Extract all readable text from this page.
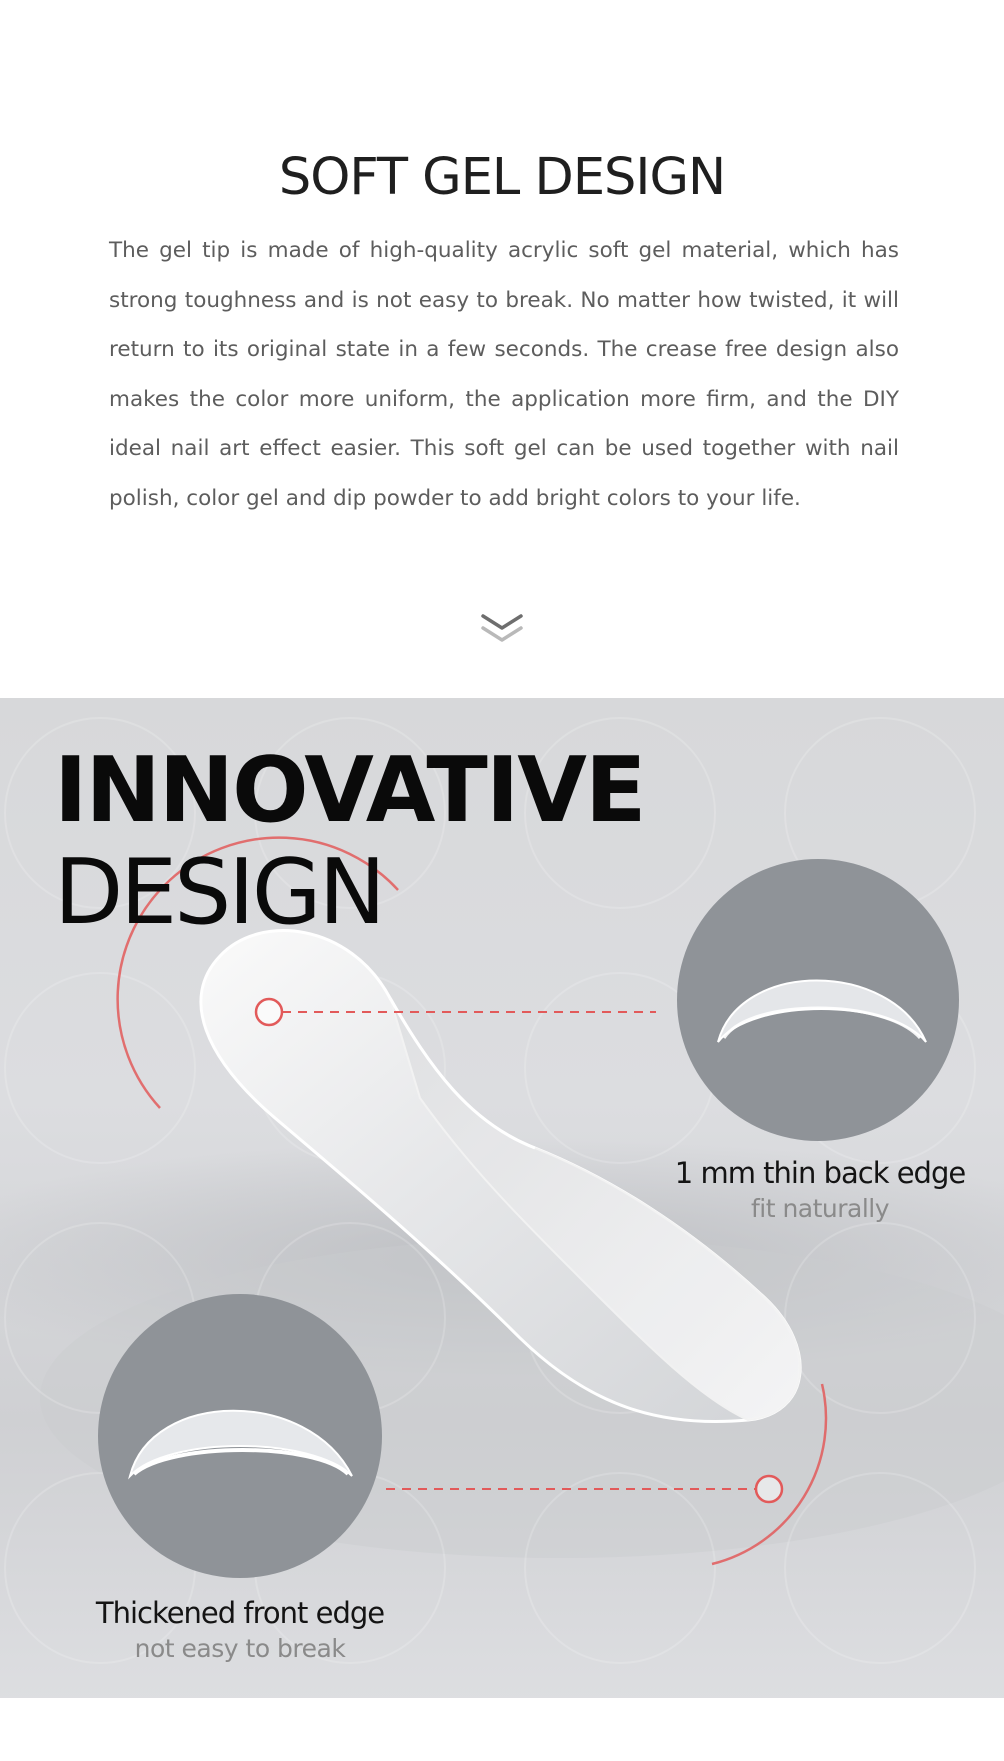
SOFT GEL DESIGN

The gel tip is made of high-quality acrylic soft gel material, which has strong toughness and is not easy to break. No matter how twisted, it will return to its original state in a few seconds. The crease free design also makes the color more uniform, the application more firm, and the DIY ideal nail art effect easier. This soft gel can be used together with nail polish, color gel and dip powder to add bright colors to your life.

INNOVATIVE
DESIGN
1 mm thin back edge
fit naturally
Thickened front edge
not easy to break
